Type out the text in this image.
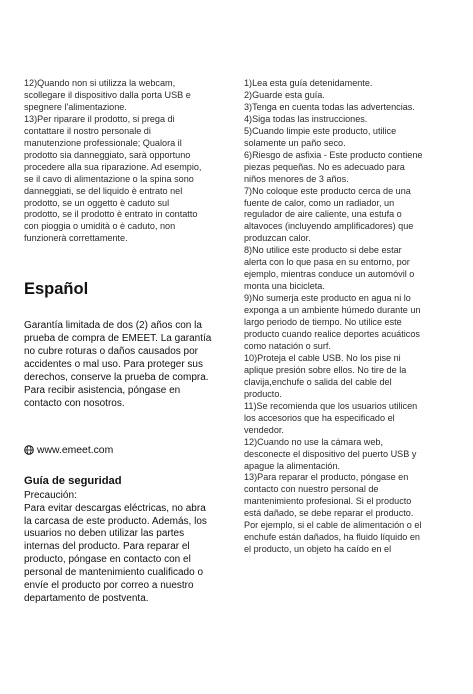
12)Quando non si utilizza la webcam,
scollegare il dispositivo dalla porta USB e
spegnere l'alimentazione.
13)Per riparare il prodotto, si prega di
contattare il nostro personale di
manutenzione professionale; Qualora il
prodotto sia danneggiato, sarà opportuno
procedere alla sua riparazione. Ad esempio,
se il cavo di alimentazione o la spina sono
danneggiati, se del liquido è entrato nel
prodotto, se un oggetto è caduto sul
prodotto, se il prodotto è entrato in contatto
con pioggia o umidità o è caduto, non
funzionerà correttamente.
Español
Garantía limitada de dos (2) años con la
prueba de compra de EMEET. La garantía
no cubre roturas o daños causados por
accidentes o mal uso. Para proteger sus
derechos, conserve la prueba de compra.
Para recibir asistencia, póngase en
contacto con nosotros.
www.emeet.com
Guía de seguridad
Precaución:
Para evitar descargas eléctricas, no abra
la carcasa de este producto. Además, los
usuarios no deben utilizar las partes
internas del producto. Para reparar el
producto, póngase en contacto con el
personal de mantenimiento cualificado o
envíe el producto por correo a nuestro
departamento de postventa.
1)Lea esta guía detenidamente.
2)Guarde esta guía.
3)Tenga en cuenta todas las advertencias.
4)Siga todas las instrucciones.
5)Cuando limpie este producto, utilice
solamente un paño seco.
6)Riesgo de asfixia - Este producto contiene
piezas pequeñas. No es adecuado para
niños menores de 3 años.
7)No coloque este producto cerca de una
fuente de calor, como un radiador, un
regulador de aire caliente, una estufa o
altavoces (incluyendo amplificadores) que
produzcan calor.
8)No utilice este producto si debe estar
alerta con lo que pasa en su entorno, por
ejemplo, mientras conduce un automóvil o
monta una bicicleta.
9)No sumerja este producto en agua ni lo
exponga a un ambiente húmedo durante un
largo periodo de tiempo. No utilice este
producto cuando realice deportes acuáticos
como natación o surf.
10)Proteja el cable USB. No los pise ni
aplique presión sobre ellos. No tire de la
clavija,enchufe o salida del cable del
producto.
11)Se recomienda que los usuarios utilicen
los accesorios que ha especificado el
vendedor.
12)Cuando no use la cámara web,
desconecte el dispositivo del puerto USB y
apague la alimentación.
13)Para reparar el producto, póngase en
contacto con nuestro personal de
mantenimiento profesional. Si el producto
está dañado, se debe reparar el producto.
Por ejemplo, si el cable de alimentación o el
enchufe están dañados, ha fluido líquido en
el producto, un objeto ha caído en el
